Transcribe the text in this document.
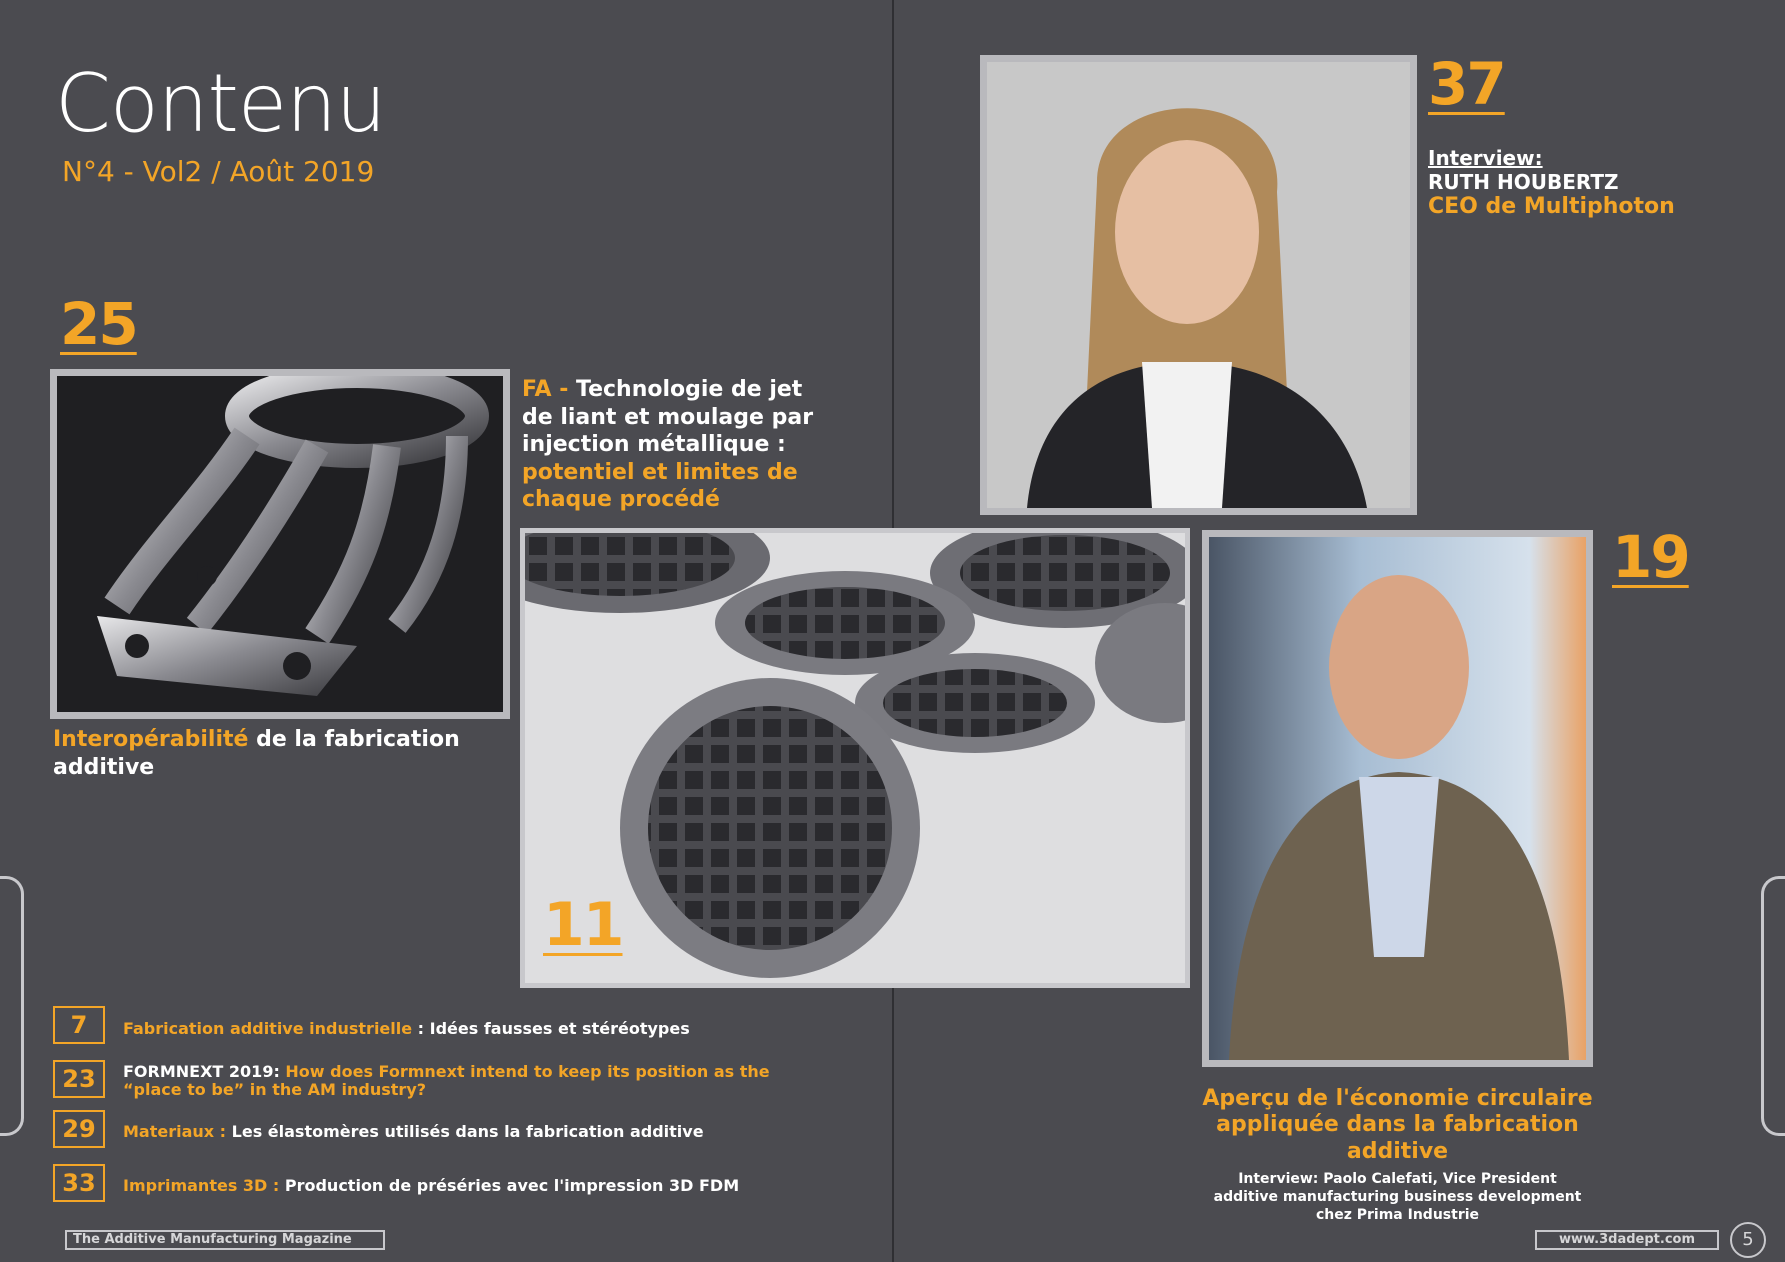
Contenu
N°4 - Vol2 / Août 2019
25
Interopérabilité de la fabrication additive
FA - Technologie de jet de liant et moulage par injection métallique : potentiel et limites de chaque procédé
11
37
Interview:
RUTH HOUBERTZ
CEO de Multiphoton
19
Aperçu de l'économie circulaire appliquée dans la fabrication additive
Interview: Paolo Calefati, Vice President additive manufacturing business development chez Prima Industrie
7	Fabrication additive industrielle : Idées fausses et stéréotypes
23	FORMNEXT 2019: How does Formnext intend to keep its position as the
“place to be” in the AM industry?
29	Materiaux : Les élastomères utilisés dans la fabrication additive
33	Imprimantes 3D : Production de préséries avec l'impression 3D FDM
The Additive Manufacturing Magazine	www.3dadept.com	5
